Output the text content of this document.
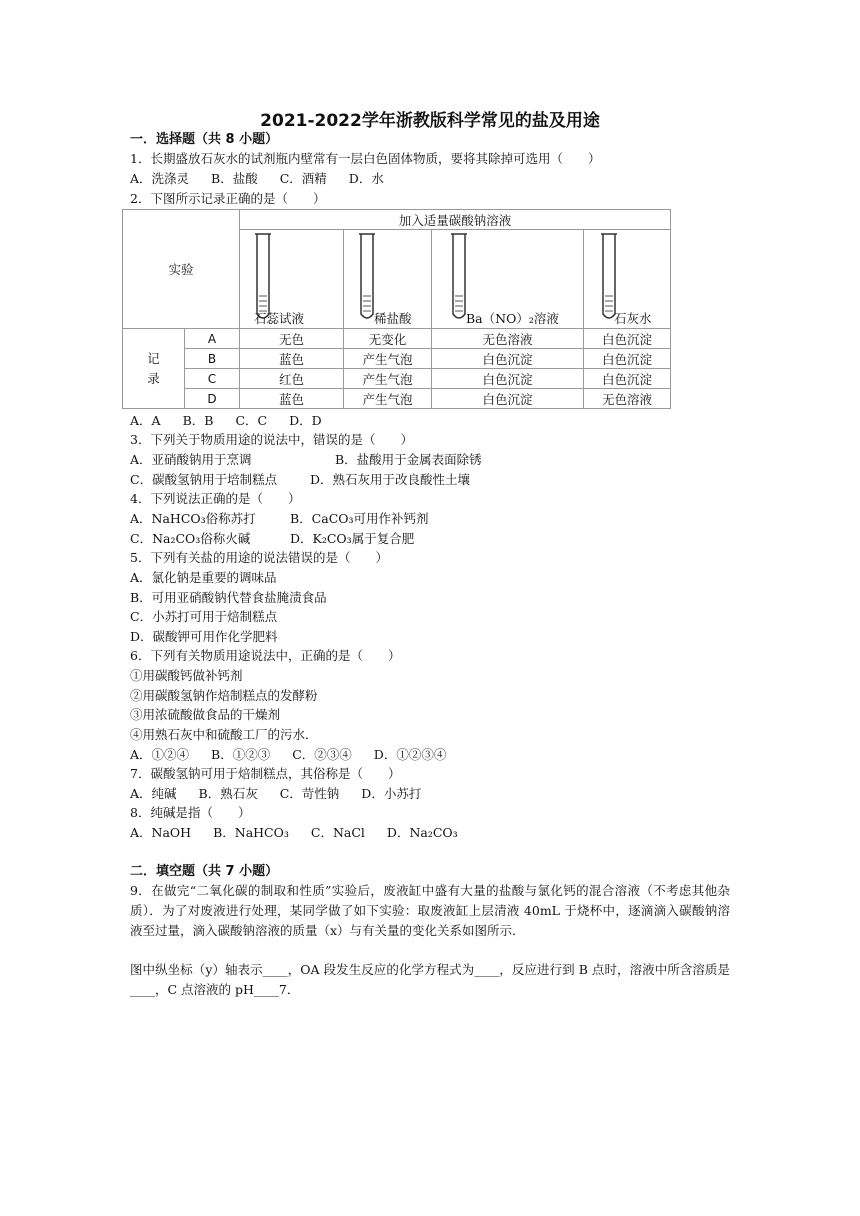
2021-2022学年浙教版科学常见的盐及用途
一．选择题（共 8 小题）
1．长期盛放石灰水的试剂瓶内壁常有一层白色固体物质，要将其除掉可选用（　　）
A．洗涤灵 B．盐酸 C．酒精 D．水
2．下图所示记录正确的是（　　）
实验		加入适量碳酸钠溶液			

		石蕊试液	稀盐酸	Ba（NO）₂溶液	石灰水

记
录	A	无色	无变化	无色溶液	白色沉淀
	B	蓝色	产生气泡	白色沉淀	白色沉淀
	C	红色	产生气泡	白色沉淀	白色沉淀
	D	蓝色	产生气泡	白色沉淀	无色溶液
A．A B．B C．C D．D
3．下列关于物质用途的说法中，错误的是（　　）
A．亚硝酸钠用于烹调	B．盐酸用于金属表面除锈
C．碳酸氢钠用于培制糕点	D．熟石灰用于改良酸性土壤
4．下列说法正确的是（　　）
A．NaHCO₃俗称苏打	B．CaCO₃可用作补钙剂
C．Na₂CO₃俗称火碱	D．K₂CO₃属于复合肥
5．下列有关盐的用途的说法错误的是（　　）
A．氯化钠是重要的调味品
B．可用亚硝酸钠代替食盐腌渍食品
C．小苏打可用于焙制糕点
D．碳酸钾可用作化学肥料
6．下列有关物质用途说法中，正确的是（　　）
①用碳酸钙做补钙剂
②用碳酸氢钠作焙制糕点的发酵粉
③用浓硫酸做食品的干燥剂
④用熟石灰中和硫酸工厂的污水．
A．①②④ B．①②③ C．②③④ D．①②③④
7．碳酸氢钠可用于焙制糕点，其俗称是（　　）
A．纯碱 B．熟石灰 C．苛性钠 D．小苏打
8．纯碱是指（　　）
A．NaOH B．NaHCO₃ C．NaCl D．Na₂CO₃
二．填空题（共 7 小题）
9．在做完“二氧化碳的制取和性质”实验后，废液缸中盛有大量的盐酸与氯化钙的混合溶液（不考虑其他杂质）．为了对废液进行处理，某同学做了如下实验：取废液缸上层清液 40mL 于烧杯中，逐滴滴入碳酸钠溶液至过量，滴入碳酸钠溶液的质量（x）与有关量的变化关系如图所示．
图中纵坐标（y）轴表示____，OA 段发生反应的化学方程式为____，反应进行到 B 点时，溶液中所含溶质是____，C 点溶液的 pH____7．
